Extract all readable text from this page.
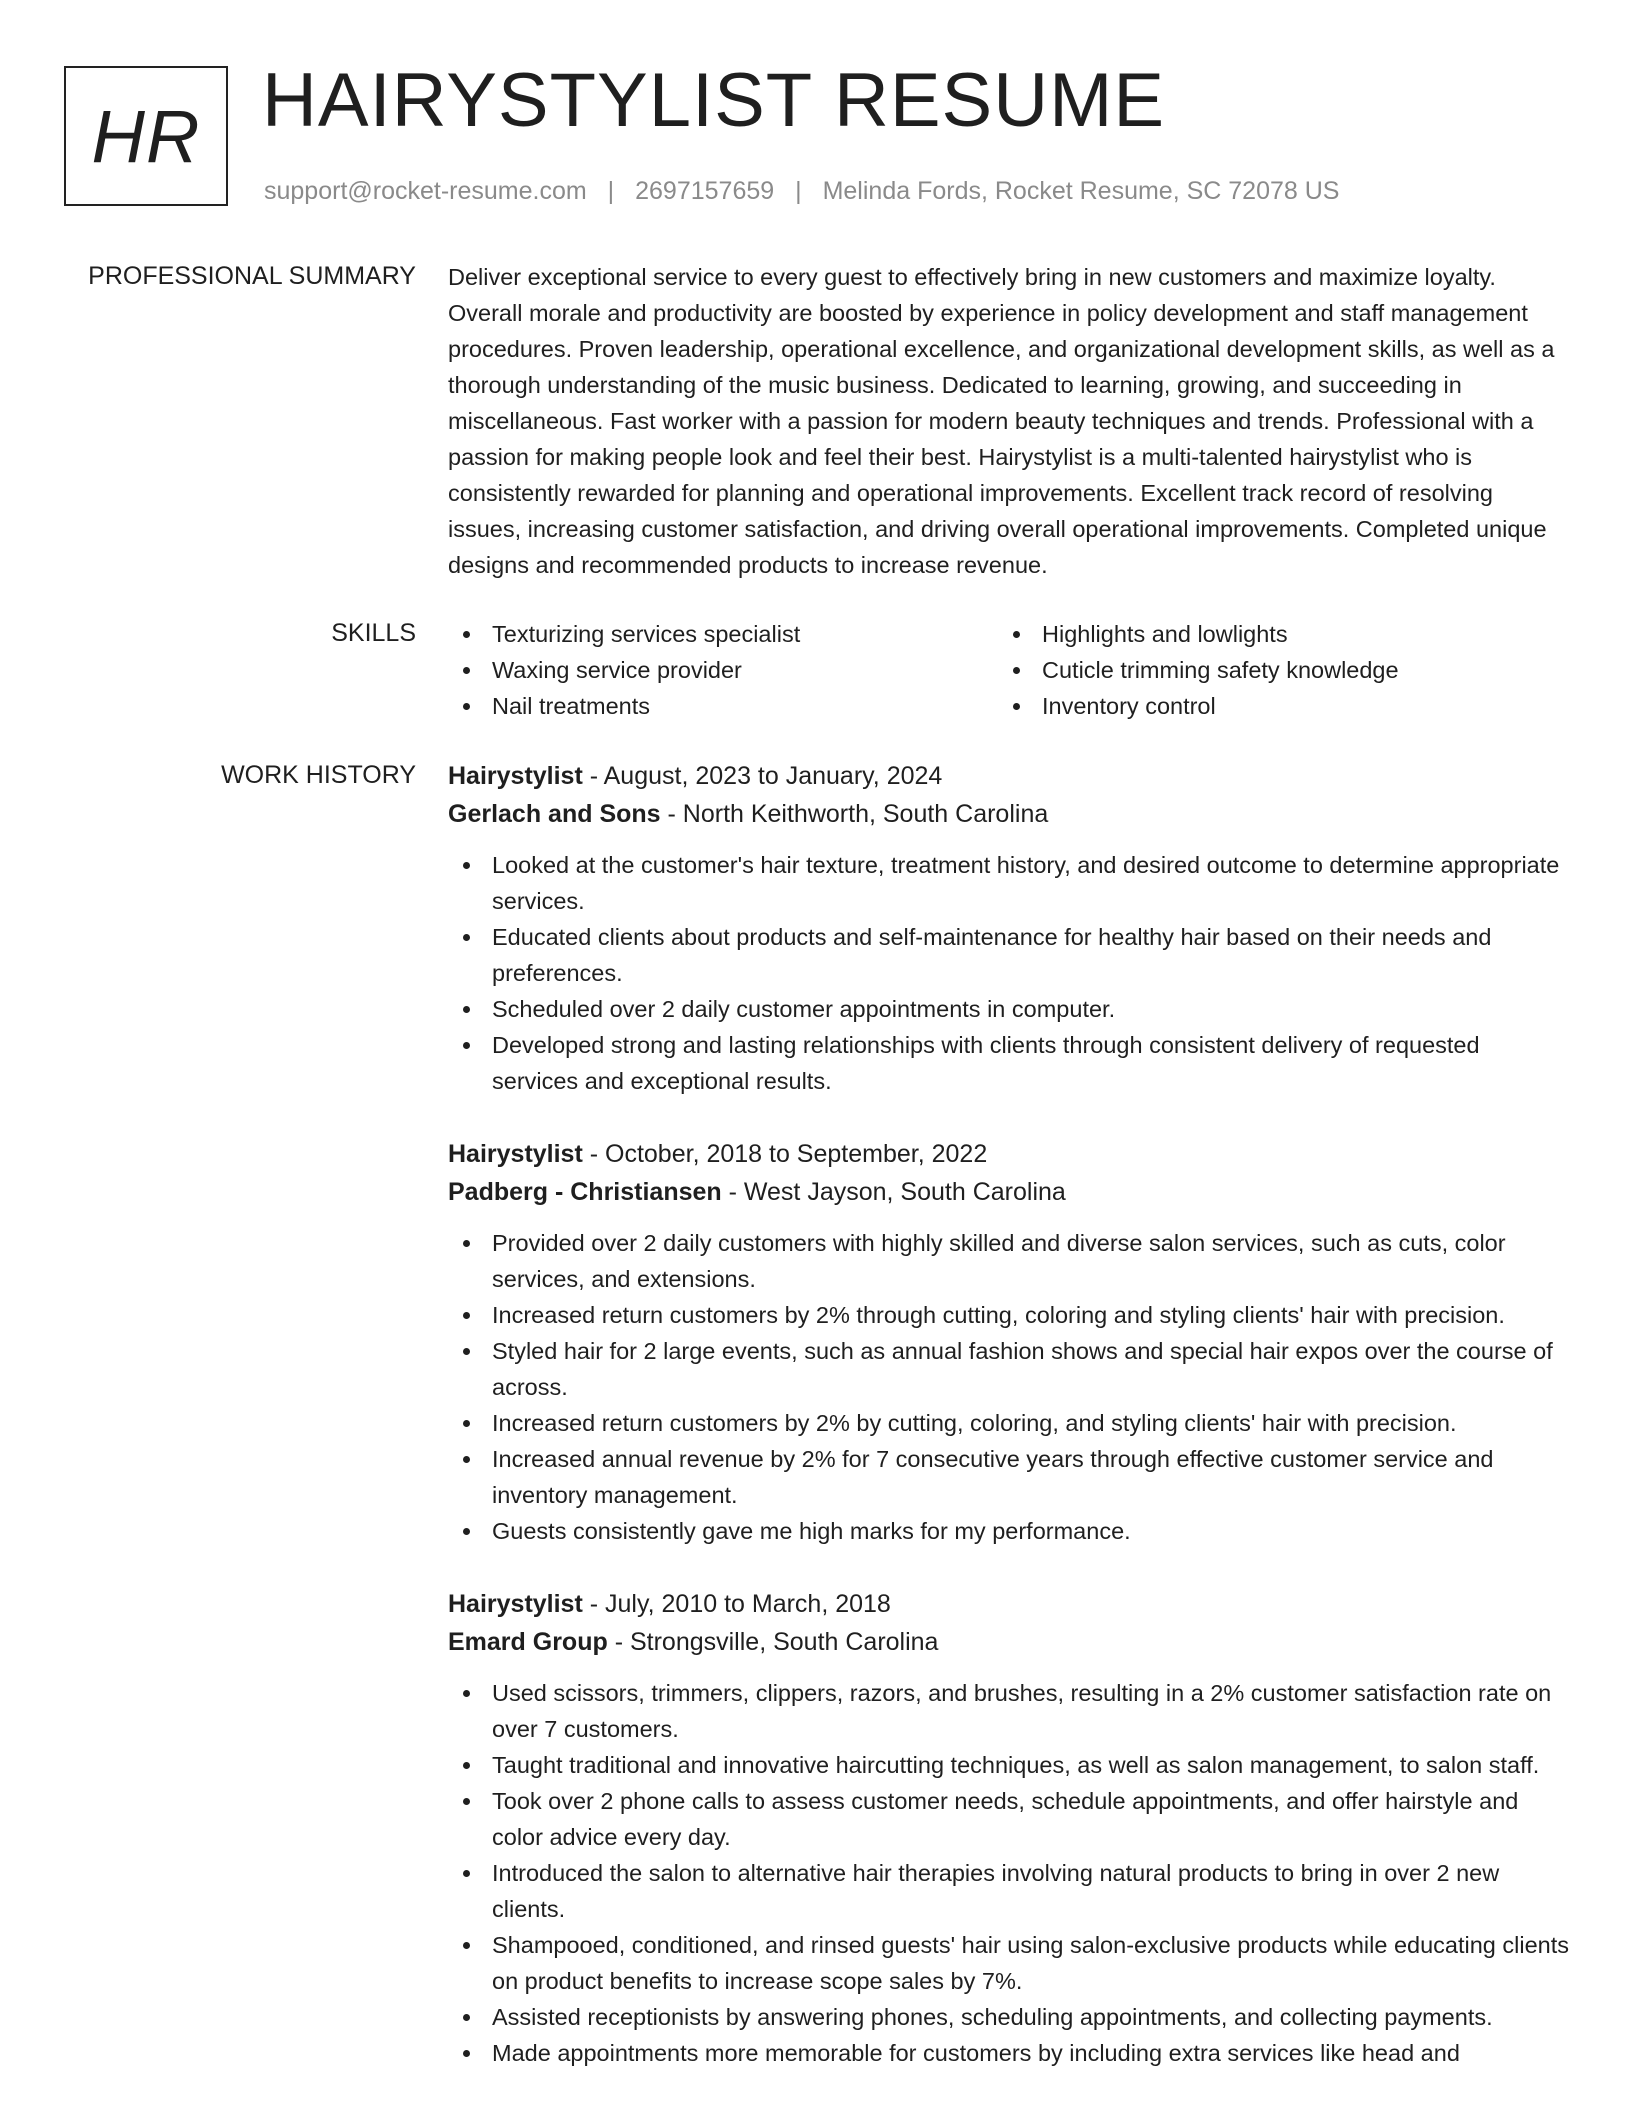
HR HAIRYSTYLIST RESUME
support@rocket-resume.com | 2697157659 | Melinda Fords, Rocket Resume, SC 72078 US
PROFESSIONAL SUMMARY Deliver exceptional service to every guest to effectively bring in new customers and maximize loyalty. Overall morale and productivity are boosted by experience in policy development and staff management procedures. Proven leadership, operational excellence, and organizational development skills, as well as a thorough understanding of the music business. Dedicated to learning, growing, and succeeding in miscellaneous. Fast worker with a passion for modern beauty techniques and trends. Professional with a passion for making people look and feel their best. Hairystylist is a multi-talented hairystylist who is consistently rewarded for planning and operational improvements. Excellent track record of resolving issues, increasing customer satisfaction, and driving overall operational improvements. Completed unique designs and recommended products to increase revenue.

SKILLS	Texturizing services specialist
Waxing service provider
Nail treatments
Highlights and lowlights
Cuticle trimming safety knowledge
Inventory control
WORK HISTORY Hairystylist - August, 2023 to January, 2024
Gerlach and Sons - North Keithworth, South Carolina
Looked at the customer's hair texture, treatment history, and desired outcome to determine appropriate services.
Educated clients about products and self-maintenance for healthy hair based on their needs and preferences.
Scheduled over 2 daily customer appointments in computer.
Developed strong and lasting relationships with clients through consistent delivery of requested services and exceptional results.
Hairystylist - October, 2018 to September, 2022
Padberg - Christiansen - West Jayson, South Carolina
Provided over 2 daily customers with highly skilled and diverse salon services, such as cuts, color services, and extensions.
Increased return customers by 2% through cutting, coloring and styling clients' hair with precision.
Styled hair for 2 large events, such as annual fashion shows and special hair expos over the course of across.
Increased return customers by 2% by cutting, coloring, and styling clients' hair with precision.
Increased annual revenue by 2% for 7 consecutive years through effective customer service and inventory management.
Guests consistently gave me high marks for my performance.
Hairystylist - July, 2010 to March, 2018
Emard Group - Strongsville, South Carolina
Used scissors, trimmers, clippers, razors, and brushes, resulting in a 2% customer satisfaction rate on over 7 customers.
Taught traditional and innovative haircutting techniques, as well as salon management, to salon staff.
Took over 2 phone calls to assess customer needs, schedule appointments, and offer hairstyle and color advice every day.
Introduced the salon to alternative hair therapies involving natural products to bring in over 2 new clients.
Shampooed, conditioned, and rinsed guests' hair using salon-exclusive products while educating clients on product benefits to increase scope sales by 7%.
Assisted receptionists by answering phones, scheduling appointments, and collecting payments.
Made appointments more memorable for customers by including extra services like head and
